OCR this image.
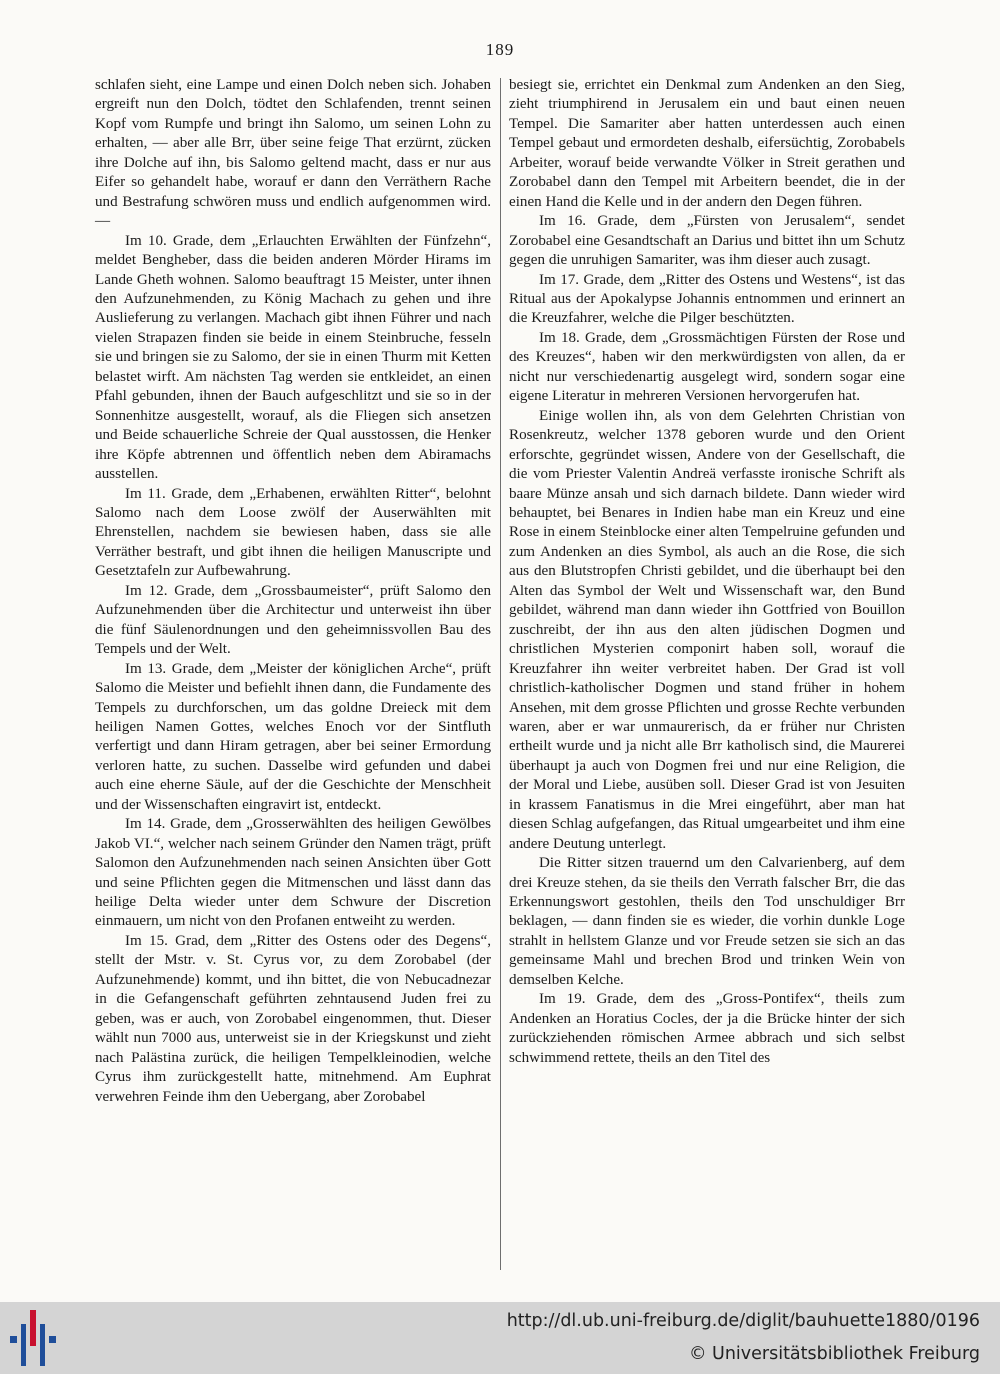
189

schlafen sieht, eine Lampe und einen Dolch neben sich. Johaben ergreift nun den Dolch, tödtet den Schlafenden, trennt seinen Kopf vom Rumpfe und bringt ihn Salomo, um seinen Lohn zu erhalten, — aber alle Brr, über seine feige That erzürnt, zücken ihre Dolche auf ihn, bis Salomo geltend macht, dass er nur aus Eifer so gehandelt habe, worauf er dann den Verräthern Rache und Bestrafung schwören muss und endlich aufgenommen wird. —

Im 10. Grade, dem „Erlauchten Erwählten der Fünfzehn“, meldet Bengheber, dass die beiden anderen Mörder Hirams im Lande Gheth wohnen. Salomo beauftragt 15 Meister, unter ihnen den Aufzunehmenden, zu König Machach zu gehen und ihre Auslieferung zu verlangen. Machach gibt ihnen Führer und nach vielen Strapazen finden sie beide in einem Steinbruche, fesseln sie und bringen sie zu Salomo, der sie in einen Thurm mit Ketten belastet wirft. Am nächsten Tag werden sie entkleidet, an einen Pfahl gebunden, ihnen der Bauch aufgeschlitzt und sie so in der Sonnenhitze ausgestellt, worauf, als die Fliegen sich ansetzen und Beide schauerliche Schreie der Qual ausstossen, die Henker ihre Köpfe abtrennen und öffentlich neben dem Abiramachs ausstellen.

Im 11. Grade, dem „Erhabenen, erwählten Ritter“, belohnt Salomo nach dem Loose zwölf der Auserwählten mit Ehrenstellen, nachdem sie bewiesen haben, dass sie alle Verräther bestraft, und gibt ihnen die heiligen Manuscripte und Gesetztafeln zur Aufbewahrung.

Im 12. Grade, dem „Grossbaumeister“, prüft Salomo den Aufzunehmenden über die Architectur und unterweist ihn über die fünf Säulenordnungen und den geheimnissvollen Bau des Tempels und der Welt.

Im 13. Grade, dem „Meister der königlichen Arche“, prüft Salomo die Meister und befiehlt ihnen dann, die Fundamente des Tempels zu durchforschen, um das goldne Dreieck mit dem heiligen Namen Gottes, welches Enoch vor der Sintfluth verfertigt und dann Hiram getragen, aber bei seiner Ermordung verloren hatte, zu suchen. Dasselbe wird gefunden und dabei auch eine eherne Säule, auf der die Geschichte der Menschheit und der Wissenschaften eingravirt ist, entdeckt.

Im 14. Grade, dem „Grosserwählten des heiligen Gewölbes Jakob VI.“, welcher nach seinem Gründer den Namen trägt, prüft Salomon den Aufzunehmenden nach seinen Ansichten über Gott und seine Pflichten gegen die Mitmenschen und lässt dann das heilige Delta wieder unter dem Schwure der Discretion einmauern, um nicht von den Profanen entweiht zu werden.

Im 15. Grad, dem „Ritter des Ostens oder des Degens“, stellt der Mstr. v. St. Cyrus vor, zu dem Zorobabel (der Aufzunehmende) kommt, und ihn bittet, die von Nebucadnezar in die Gefangenschaft geführten zehntausend Juden frei zu geben, was er auch, von Zorobabel eingenommen, thut. Dieser wählt nun 7000 aus, unterweist sie in der Kriegskunst und zieht nach Palästina zurück, die heiligen Tempelkleinodien, welche Cyrus ihm zurückgestellt hatte, mitnehmend. Am Euphrat verwehren Feinde ihm den Uebergang, aber Zorobabel

besiegt sie, errichtet ein Denkmal zum Andenken an den Sieg, zieht triumphirend in Jerusalem ein und baut einen neuen Tempel. Die Samariter aber hatten unterdessen auch einen Tempel gebaut und ermordeten deshalb, eifersüchtig, Zorobabels Arbeiter, worauf beide verwandte Völker in Streit gerathen und Zorobabel dann den Tempel mit Arbeitern beendet, die in der einen Hand die Kelle und in der andern den Degen führen.

Im 16. Grade, dem „Fürsten von Jerusalem“, sendet Zorobabel eine Gesandtschaft an Darius und bittet ihn um Schutz gegen die unruhigen Samariter, was ihm dieser auch zusagt.

Im 17. Grade, dem „Ritter des Ostens und Westens“, ist das Ritual aus der Apokalypse Johannis entnommen und erinnert an die Kreuzfahrer, welche die Pilger beschützten.

Im 18. Grade, dem „Grossmächtigen Fürsten der Rose und des Kreuzes“, haben wir den merkwürdigsten von allen, da er nicht nur verschiedenartig ausgelegt wird, sondern sogar eine eigene Literatur in mehreren Versionen hervorgerufen hat.

Einige wollen ihn, als von dem Gelehrten Christian von Rosenkreutz, welcher 1378 geboren wurde und den Orient erforschte, gegründet wissen, Andere von der Gesellschaft, die die vom Priester Valentin Andreä verfasste ironische Schrift als baare Münze ansah und sich darnach bildete. Dann wieder wird behauptet, bei Benares in Indien habe man ein Kreuz und eine Rose in einem Steinblocke einer alten Tempelruine gefunden und zum Andenken an dies Symbol, als auch an die Rose, die sich aus den Blutstropfen Christi gebildet, und die überhaupt bei den Alten das Symbol der Welt und Wissenschaft war, den Bund gebildet, während man dann wieder ihn Gottfried von Bouillon zuschreibt, der ihn aus den alten jüdischen Dogmen und christlichen Mysterien componirt haben soll, worauf die Kreuzfahrer ihn weiter verbreitet haben. Der Grad ist voll christlich-katholischer Dogmen und stand früher in hohem Ansehen, mit dem grosse Pflichten und grosse Rechte verbunden waren, aber er war unmaurerisch, da er früher nur Christen ertheilt wurde und ja nicht alle Brr katholisch sind, die Maurerei überhaupt ja auch von Dogmen frei und nur eine Religion, die der Moral und Liebe, ausüben soll. Dieser Grad ist von Jesuiten in krassem Fanatismus in die Mrei eingeführt, aber man hat diesen Schlag aufgefangen, das Ritual umgearbeitet und ihm eine andere Deutung unterlegt.

Die Ritter sitzen trauernd um den Calvarienberg, auf dem drei Kreuze stehen, da sie theils den Verrath falscher Brr, die das Erkennungswort gestohlen, theils den Tod unschuldiger Brr beklagen, — dann finden sie es wieder, die vorhin dunkle Loge strahlt in hellstem Glanze und vor Freude setzen sie sich an das gemeinsame Mahl und brechen Brod und trinken Wein von demselben Kelche.

Im 19. Grade, dem des „Gross-Pontifex“, theils zum Andenken an Horatius Cocles, der ja die Brücke hinter der sich zurückziehenden römischen Armee abbrach und sich selbst schwimmend rettete, theils an den Titel des

http://dl.ub.uni-freiburg.de/diglit/bauhuette1880/0196
© Universitätsbibliothek Freiburg
